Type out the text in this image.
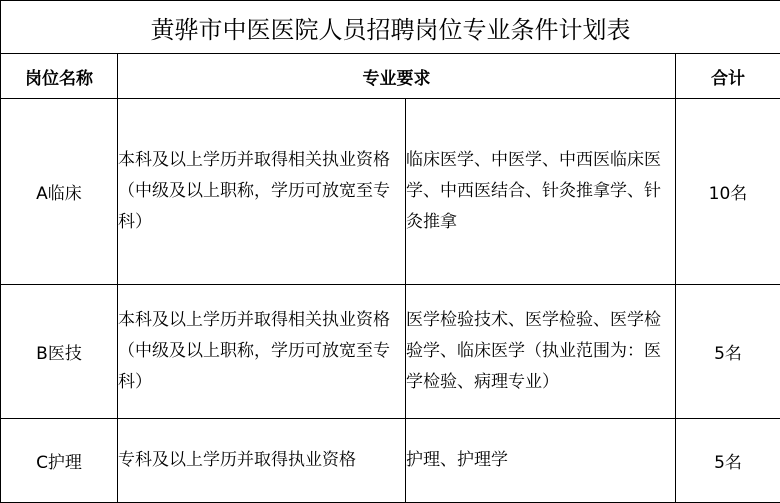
黄骅市中医医院人员招聘岗位专业条件计划表			
岗位名称	专业要求		合计
A临床	本科及以上学历并取得相关执业资格（中级及以上职称，学历可放宽至专科）	临床医学、中医学、中西医临床医学、中西医结合、针灸推拿学、针灸推拿	10名
B医技	本科及以上学历并取得相关执业资格（中级及以上职称，学历可放宽至专科）	医学检验技术、医学检验、医学检验学、临床医学（执业范围为：医学检验、病理专业）	5名
C护理	专科及以上学历并取得执业资格	护理、护理学	5名
